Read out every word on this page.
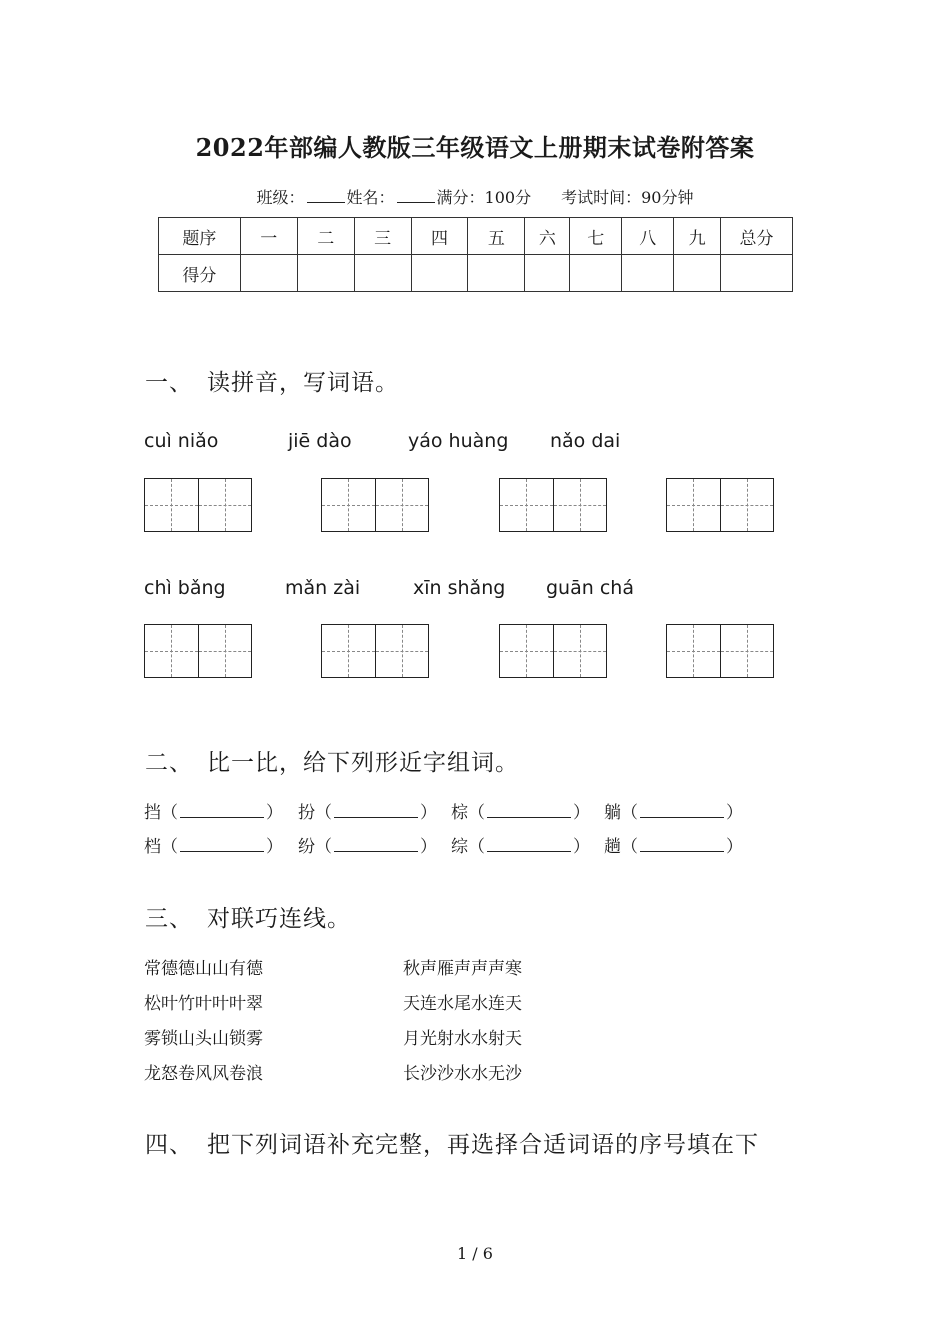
2022年部编人教版三年级语文上册期末试卷附答案
班级：	姓名：	满分：100分 考试时间：90分钟
题序	一	二	三	四	五	六	七	八	九	总分
得分										
一、 读拼音，写词语。
cuì niǎo	jiē dào	yáo huàng nǎo dai
chì bǎng	mǎn zài	xīn shǎng guān chá
二、 比一比，给下列形近字组词。
挡（	） 扮（	） 棕（	） 躺（	）
档（	） 纷（	） 综（	） 趟（	）
三、 对联巧连线。
常德德山山有德
松叶竹叶叶叶翠
雾锁山头山锁雾
龙怒卷风风卷浪
秋声雁声声声寒
天连水尾水连天
月光射水水射天
长沙沙水水无沙
四、 把下列词语补充完整，再选择合适词语的序号填在下
1 / 6
